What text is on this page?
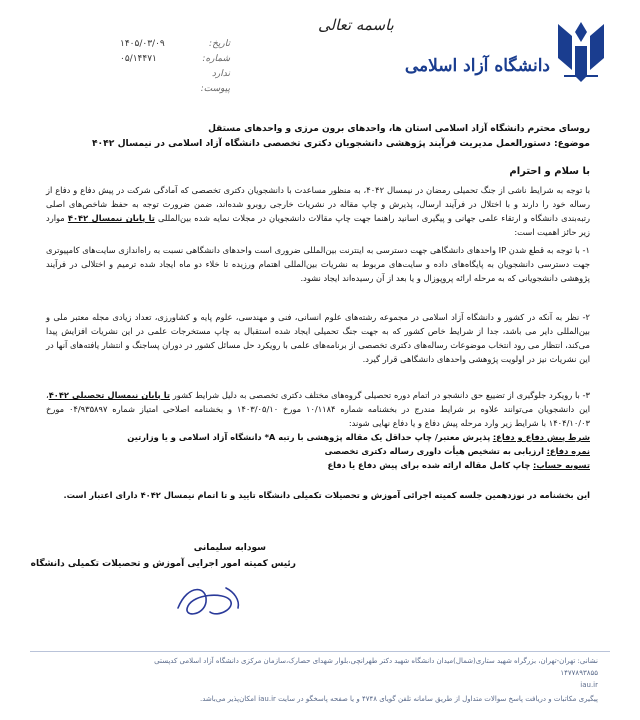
دانشگاه آزاد اسلامی
باسمه تعالی
تاریخ:
۱۴۰۵/۰۳/۰۹
شماره:
۰۵/۱۴۴۷۱
ندارد
پیوست:
روسای محترم دانشگاه آزاد اسلامی استان ها، واحدهای برون مرزی و واحدهای مستقل
موضوع: دستورالعمل مدیریت فرآیند پژوهشی دانشجویان دکتری تخصصی دانشگاه آزاد اسلامی در نیمسال ۴۰۴۲
با سلام و احترام
با توجه به شرایط ناشی از جنگ تحمیلی رمضان در نیمسال ۴۰۴۲، به منظور مساعدت با دانشجویان دکتری تخصصی که آمادگی شرکت در پیش دفاع و دفاع از رساله خود را دارند و با اختلال در فرآیند ارسال، پذیرش و چاپ مقاله در نشریات خارجی روبرو شده‌اند، ضمن ضرورت توجه به حفظ شاخص‌های اصلی رتبه‌بندی دانشگاه و ارتقاء علمی جهانی و پیگیری اسانید راهنما جهت چاپ مقالات دانشجویان در مجلات نمایه شده بین‌المللی تا پایان نیمسال ۴۰۴۲ موارد زیر حائز اهمیت است:
۱- با توجه به قطع شدن IP واحدهای دانشگاهی جهت دسترسی به اینترنت بین‌المللی ضروری است واحدهای دانشگاهی نسبت به راه‌اندازی سایت‌های کامپیوتری جهت دسترسی دانشجویان به پایگاه‌های داده و سایت‌های مربوط به نشریات بین‌المللی اهتمام ورزیده تا خلاء دو ماه ایجاد شده ترمیم و اختلالی در فرآیند پژوهشی دانشجویانی که به مرحله ارائه پروپوزال و یا بعد از آن رسیده‌اند ایجاد نشود.
۲- نظر به آنکه در کشور و دانشگاه آزاد اسلامی در مجموعه رشته‌های علوم انسانی، فنی و مهندسی، علوم پایه و کشاورزی، تعداد زیادی مجله معتبر ملی و بین‌المللی دایر می باشد، جدا از شرایط خاص کشور که به جهت جنگ تحمیلی ایجاد شده استقبال به چاپ مستخرجات علمی در این نشریات افزایش پیدا می‌کند، انتظار می رود انتخاب موضوعات رساله‌های دکتری تخصصی از برنامه‌های علمی با رویکرد حل مسائل کشور در دوران پساجنگ و انتشار یافته‌های آنها در این نشریات نیز در اولویت پژوهشی واحدهای دانشگاهی قرار گیرد.
۳- با رویکرد جلوگیری از تضییع حق دانشجو در اتمام دوره تحصیلی گروه‌های مختلف دکتری تخصصی به دلیل شرایط کشور تا پایان نیمسال تحصیلی ۴۰۴۲، این دانشجویان می‌توانند علاوه بر شرایط مندرج در بخشنامه شماره ۱۰/۱۱۸۴ مورخ ۱۴۰۳/۰۵/۱۰ و بخشنامه اصلاحی امتیاز شماره ۰۴/۹۳۵۸۹۷ مورخ ۱۴۰۴/۱۰/۰۳ با شرایط زیر وارد مرحله پیش دفاع و یا دفاع نهایی شوند:
شرط پیش دفاع و دفاع: پذیرش معتبر/ چاپ حداقل یک مقاله پژوهشی با رتبه A* دانشگاه آزاد اسلامی و یا وزارتین
نمره دفاع: ارزیابی به تشخیص هیأت داوری رساله دکتری تخصصی
تسویه حساب: چاپ کامل مقاله ارائه شده برای پیش دفاع یا دفاع
این بخشنامه در نوزدهمین جلسه کمیته اجرائی آموزش و تحصیلات تکمیلی دانشگاه تایید و تا اتمام نیمسال ۴۰۴۲ دارای اعتبار است.
سودابه سلیمانی
رئیس کمیته امور اجرایی آموزش و تحصیلات تکمیلی دانشگاه
نشانی: تهران-تهران، بزرگراه شهید ستاری(شمال)میدان دانشگاه شهید دکتر طهرانچی،بلوار شهدای حصارک،سازمان مرکزی دانشگاه آزاد اسلامی کدپستی
۱۴۷۷۸۹۳۸۵۵
iau.ir
پیگیری مکاتبات و دریافت پاسخ سوالات متداول از طریق سامانه تلفن گویای ۴۷۴۸ و یا صفحه پاسخگو در سایت iau.ir امکان‌پذیر می‌باشد.
